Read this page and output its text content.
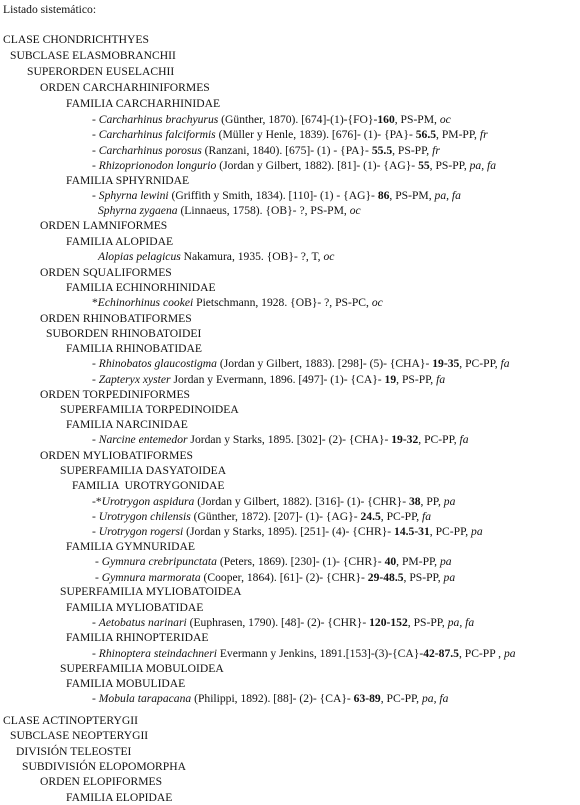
Listado sistemático:
CLASE CHONDRICHTHYES
SUBCLASE ELASMOBRANCHII
SUPERORDEN EUSELACHII
ORDEN CARCHARHINIFORMES
FAMILIA CARCHARHINIDAE
- Carcharhinus brachyurus (Günther, 1870). [674]-(1)-{FO}-160, PS-PM, oc
- Carcharhinus falciformis (Müller y Henle, 1839). [676]- (1)- {PA}- 56.5, PM-PP, fr
- Carcharhinus porosus (Ranzani, 1840). [675]- (1) - {PA}- 55.5, PS-PP, fr
- Rhizoprionodon longurio (Jordan y Gilbert, 1882). [81]- (1)- {AG}- 55, PS-PP, pa, fa
FAMILIA SPHYRNIDAE
- Sphyrna lewini (Griffith y Smith, 1834). [110]- (1) - {AG}- 86, PS-PM, pa, fa
Sphyrna zygaena (Linnaeus, 1758). {OB}- ?, PS-PM, oc
ORDEN LAMNIFORMES
FAMILIA ALOPIDAE
Alopias pelagicus Nakamura, 1935. {OB}- ?, T, oc
ORDEN SQUALIFORMES
FAMILIA ECHINORHINIDAE
*Echinorhinus cookei Pietschmann, 1928. {OB}- ?, PS-PC, oc
ORDEN RHINOBATIFORMES
SUBORDEN RHINOBATOIDEI
FAMILIA RHINOBATIDAE
- Rhinobatos glaucostigma (Jordan y Gilbert, 1883). [298]- (5)- {CHA}- 19-35, PC-PP, fa
- Zapteryx xyster Jordan y Evermann, 1896. [497]- (1)- {CA}- 19, PS-PP, fa
ORDEN TORPEDINIFORMES
SUPERFAMILIA TORPEDINOIDEA
FAMILIA NARCINIDAE
- Narcine entemedor Jordan y Starks, 1895. [302]- (2)- {CHA}- 19-32, PC-PP, fa
ORDEN MYLIOBATIFORMES
SUPERFAMILIA DASYATOIDEA
FAMILIA  UROTRYGONIDAE
-*Urotrygon aspidura (Jordan y Gilbert, 1882). [316]- (1)- {CHR}- 38, PP, pa
- Urotrygon chilensis (Günther, 1872). [207]- (1)- {AG}- 24.5, PC-PP, fa
- Urotrygon rogersi (Jordan y Starks, 1895). [251]- (4)- {CHR}- 14.5-31, PC-PP, pa
FAMILIA GYMNURIDAE
- Gymnura crebripunctata (Peters, 1869). [230]- (1)- {CHR}- 40, PM-PP, pa
- Gymnura marmorata (Cooper, 1864). [61]- (2)- {CHR}- 29-48.5, PS-PP, pa
SUPERFAMILIA MYLIOBATOIDEA
FAMILIA MYLIOBATIDAE
- Aetobatus narinari (Euphrasen, 1790). [48]- (2)- {CHR}- 120-152, PS-PP, pa, fa
FAMILIA RHINOPTERIDAE
- Rhinoptera steindachneri Evermann y Jenkins, 1891.[153]-(3)-{CA}-42-87.5, PC-PP , pa
SUPERFAMILIA MOBULOIDEA
FAMILIA MOBULIDAE
- Mobula tarapacana (Philippi, 1892). [88]- (2)- {CA}- 63-89, PC-PP, pa, fa
CLASE ACTINOPTERYGII
SUBCLASE NEOPTERYGII
DIVISIÓN TELEOSTEI
SUBDIVISIÓN ELOPOMORPHA
ORDEN ELOPIFORMES
FAMILIA ELOPIDAE
